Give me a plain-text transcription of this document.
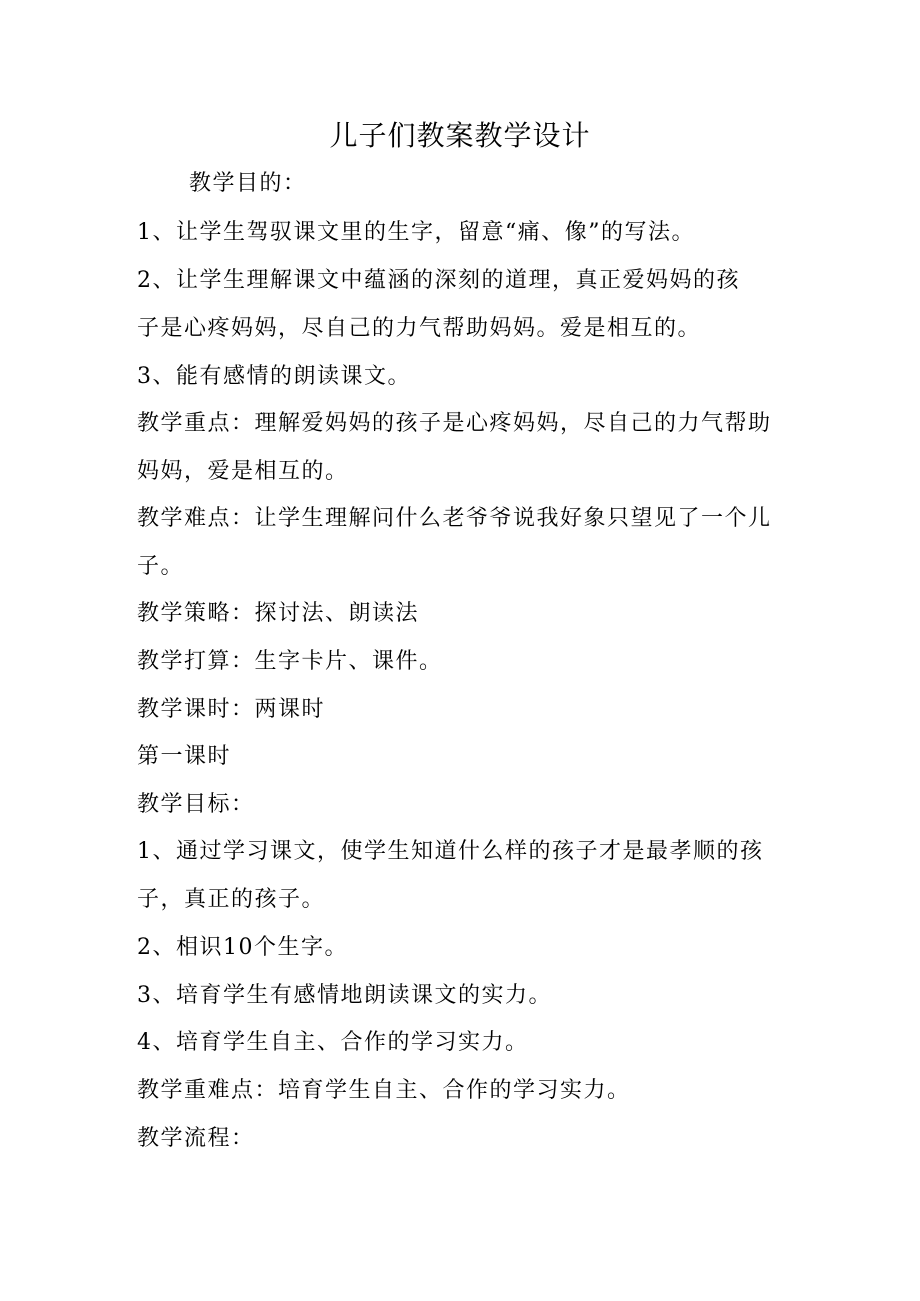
儿子们教案教学设计
教学目的：
1、让学生驾驭课文里的生字，留意“痛、像”的写法。
2、让学生理解课文中蕴涵的深刻的道理，真正爱妈妈的孩
子是心疼妈妈，尽自己的力气帮助妈妈。爱是相互的。
3、能有感情的朗读课文。
教学重点：理解爱妈妈的孩子是心疼妈妈，尽自己的力气帮助
妈妈，爱是相互的。
教学难点：让学生理解问什么老爷爷说我好象只望见了一个儿
子。
教学策略：探讨法、朗读法
教学打算：生字卡片、课件。
教学课时：两课时
第一课时
教学目标：
1、通过学习课文，使学生知道什么样的孩子才是最孝顺的孩
子，真正的孩子。
2、相识10个生字。
3、培育学生有感情地朗读课文的实力。
4、培育学生自主、合作的学习实力。
教学重难点：培育学生自主、合作的学习实力。
教学流程：
